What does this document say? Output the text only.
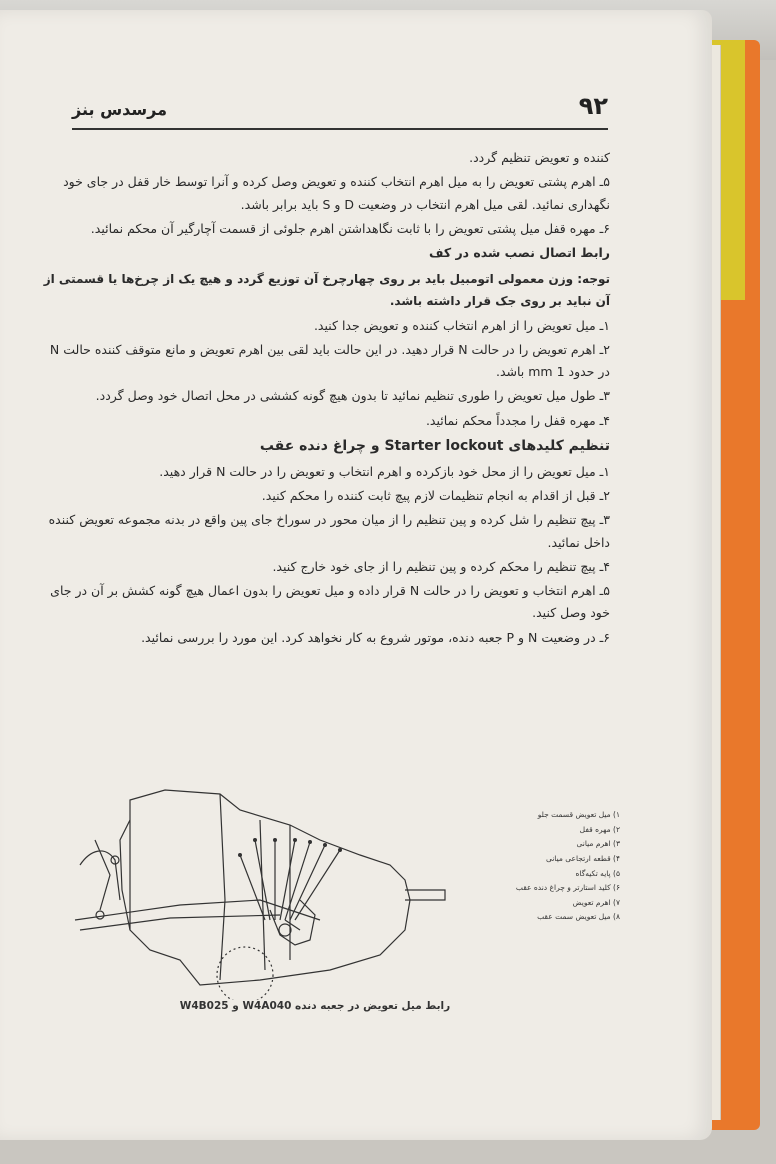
۹۲
مرسدس بنز

کننده و تعویض تنظیم گردد.

۵ـ اهرم پشتی تعویض را به میل اهرم انتخاب کننده و تعویض وصل کرده و آنرا توسط خار قفل در جای خود نگهداری نمائید. لقی میل اهرم انتخاب در وضعیت D و S باید برابر باشد.

۶ـ مهره قفل میل پشتی تعویض را با ثابت نگاهداشتن اهرم جلوئی از قسمت آچارگیر آن محکم نمائید.

رابط اتصال نصب شده در کف

توجه: وزن معمولی اتومبیل باید بر روی چهارچرخ آن توزیع گردد و هیچ یک از چرخ‌ها یا قسمتی از آن نباید بر روی جک قرار داشته باشد.

۱ـ میل تعویض را از اهرم انتخاب کننده و تعویض جدا کنید.

۲ـ اهرم تعویض را در حالت N قرار دهید. در این حالت باید لقی بین اهرم تعویض و مانع متوقف کننده حالت N در حدود 1 mm باشد.

۳ـ طول میل تعویض را طوری تنظیم نمائید تا بدون هیچ گونه کششی در محل اتصال خود وصل گردد.

۴ـ مهره قفل را مجدداً محکم نمائید.

تنظیم کلیدهای Starter lockout و چراغ دنده عقب

۱ـ میل تعویض را از محل خود بازکرده و اهرم انتخاب و تعویض را در حالت N قرار دهید.

۲ـ قبل از اقدام به انجام تنظیمات لازم پیچ ثابت کننده را محکم کنید.

۳ـ پیچ تنظیم را شل کرده و پین تنظیم را از میان محور در سوراخ جای پین واقع در بدنه مجموعه تعویض کننده داخل نمائید.

۴ـ پیچ تنظیم را محکم کرده و پین تنظیم را از جای خود خارج کنید.

۵ـ اهرم انتخاب و تعویض را در حالت N قرار داده و میل تعویض را بدون اعمال هیچ گونه کشش بر آن در جای خود وصل کنید.

۶ـ در وضعیت N و P جعبه دنده، موتور شروع به کار نخواهد کرد. این مورد را بررسی نمائید.

۱) میل تعویض قسمت جلو
۲) مهره قفل
۳) اهرم میانی
۴) قطعه ارتجاعی میانی
۵) پایه تکیه‌گاه
۶) کلید استارتر و چراغ دنده عقب
۷) اهرم تعویض
۸) میل تعویض سمت عقب
رابط میل تعویض در جعبه دنده W4A040 و W4B025
